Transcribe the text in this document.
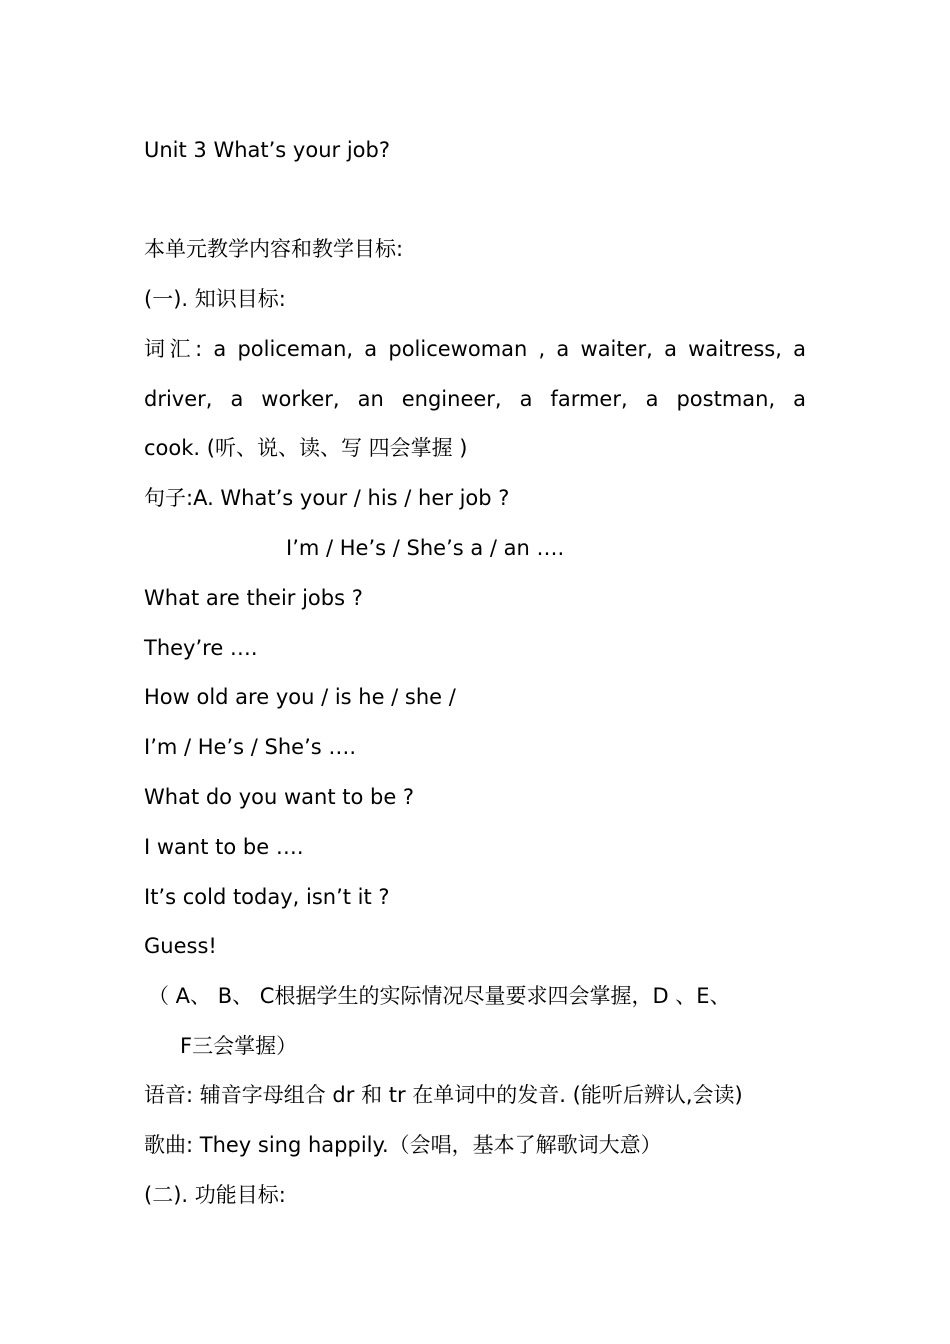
Unit 3 What’s your job?
本单元教学内容和教学目标:
(一). 知识目标:
词汇: a policeman, a policewoman , a waiter, a waitress, a
driver, a worker, an engineer, a farmer, a postman, a
cook. (听、说、读、写 四会掌握 )
句子:A. What’s your / his / her job ?
I’m / He’s / She’s a / an ….
What are their jobs ?
They’re ….
How old are you / is he / she /
I’m / He’s / She’s ….
What do you want to be ?
I want to be ….
It’s cold today, isn’t it ?
Guess!
（ A、 B、 C根据学生的实际情况尽量要求四会掌握，D 、E、
F三会掌握）
语音: 辅音字母组合 dr 和 tr 在单词中的发音. (能听后辨认,会读)
歌曲: They sing happily.（会唱，基本了解歌词大意）
(二). 功能目标:
